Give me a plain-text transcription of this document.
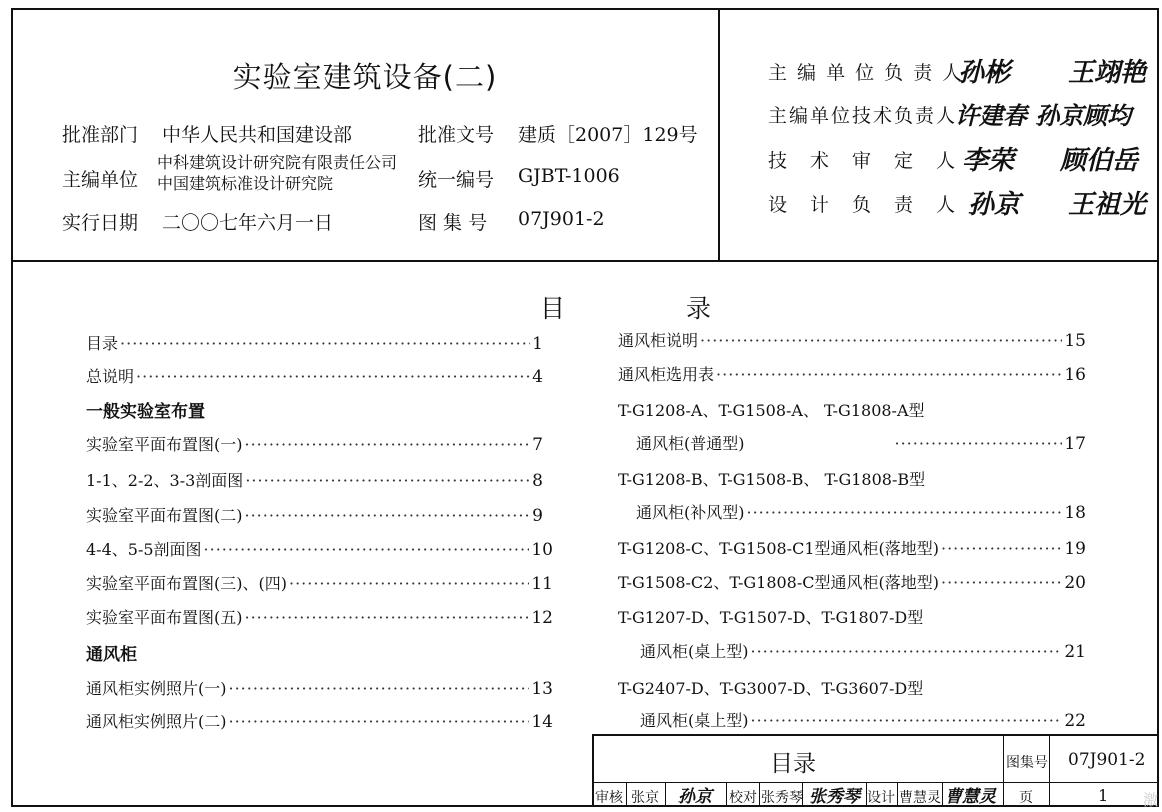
实验室建筑设备(二)
批准部门 中华人民共和国建设部	批准文号 建质［2007］129号
主编单位
中科建筑设计研究院有限责任公司
中国建筑标准设计研究院	统一编号 GJBT-1006
实行日期 二〇〇七年六月一日	图 集 号 07J901-2
主 编 单 位 负 责 人
孙彬 王翊艳
主编单位技术负责人
许建春 孙京 顾均
技　术　审　定　人 李荣 顾伯岳
设　计　负　责　人 孙京 王祖光
目　录
目录 ·····	1
总说明 ·····	4
一般实验室布置
实验室平面布置图(一) ·····	7
1-1、2-2、3-3剖面图 ·····	8
实验室平面布置图(二) ·····	9
4-4、5-5剖面图 ·····	10
实验室平面布置图(三)、(四) ·····	11
实验室平面布置图(五) ·····	12
通风柜
通风柜实例照片(一) ·····	13
通风柜实例照片(二) ·····	14
通风柜说明 ·····	15
通风柜选用表 ·····	16
T-G1208-A、T-G1508-A、 T-G1808-A型
通风柜(普通型) ·····	17
T-G1208-B、T-G1508-B、 T-G1808-B型
通风柜(补风型) ·····	18
T-G1208-C、T-G1508-C1型通风柜(落地型) ·····	19
T-G1508-C2、T-G1808-C型通风柜(落地型) ·····	20
T-G1207-D、T-G1507-D、T-G1807-D型
通风柜(桌上型) ·····	21
T-G2407-D、T-G3007-D、T-G3607-D型
通风柜(桌上型) ·····	22
目录	图集号 07J901-2
审核 张京 孙京 校对 张秀琴 张秀琴 设计 曹慧灵 曹慧灵 页	1 激
